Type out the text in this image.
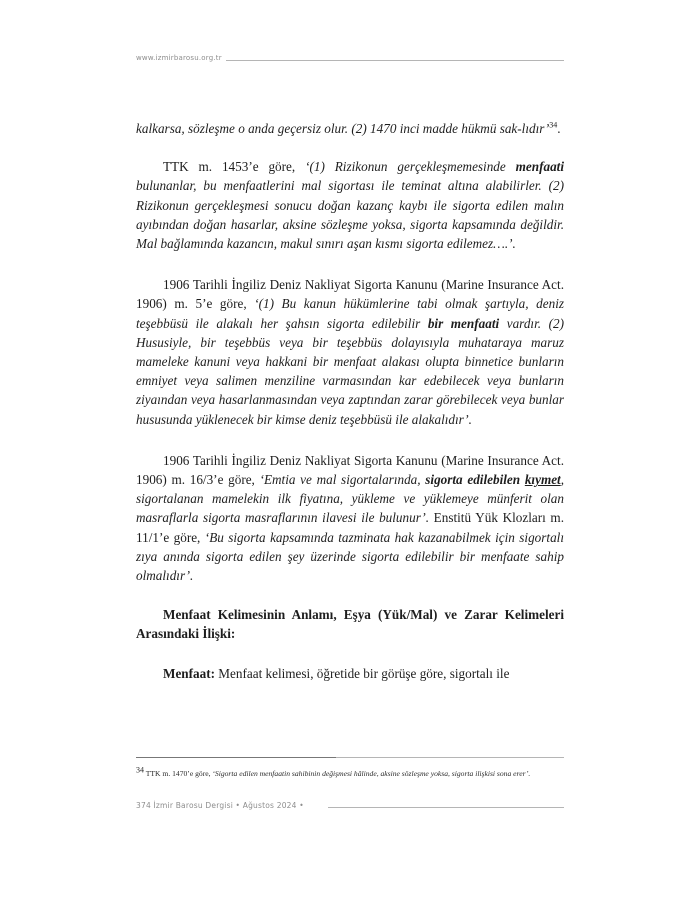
www.izmirbarosu.org.tr

kalkarsa, sözleşme o anda geçersiz olur. (2) 1470 inci madde hükmü sak-lıdır’$^{34}$.

TTK m. 1453’e göre, ‘(1) Rizikonun gerçekleşmemesinde menfaati bulunanlar, bu menfaatlerini mal sigortası ile teminat altına alabilirler. (2) Rizikonun gerçekleşmesi sonucu doğan kazanç kaybı ile sigorta edilen malın ayıbından doğan hasarlar, aksine sözleşme yoksa, sigorta kapsamında değildir. Mal bağlamında kazancın, makul sınırı aşan kısmı sigorta edilemez….’.

1906 Tarihli İngiliz Deniz Nakliyat Sigorta Kanunu (Marine Insurance Act. 1906) m. 5’e göre, ‘(1) Bu kanun hükümlerine tabi olmak şartıyla, deniz teşebbüsü ile alakalı her şahsın sigorta edilebilir bir menfaati vardır. (2) Hususiyle, bir teşebbüs veya bir teşebbüs dolayısıyla muhataraya maruz mameleke kanuni veya hakkani bir menfaat alakası olupta binnetice bunların emniyet veya salimen menziline varmasından kar edebilecek veya bunların ziyaından veya hasarlanmasından veya zaptından zarar görebilecek veya bunlar hususunda yüklenecek bir kimse deniz teşebbüsü ile alakalıdır’.

1906 Tarihli İngiliz Deniz Nakliyat Sigorta Kanunu (Marine Insurance Act. 1906) m. 16/3’e göre, ‘Emtia ve mal sigortalarında, sigorta edilebilen kıymet, sigortalanan mamelekin ilk fiyatına, yükleme ve yüklemeye münferit olan masraflarla sigorta masraflarının ilavesi ile bulunur’. Enstitü Yük Klozları m. 11/1’e göre, ‘Bu sigorta kapsamında tazminata hak kazanabilmek için sigortalı zıya anında sigorta edilen şey üzerinde sigorta edilebilir bir menfaate sahip olmalıdır’.

Menfaat Kelimesinin Anlamı, Eşya (Yük/Mal) ve Zarar Kelimeleri Arasındaki İlişki:

Menfaat: Menfaat kelimesi, öğretide bir görüşe göre, sigortalı ile

$^{34}$ TTK m. 1470’e göre, ‘Sigorta edilen menfaatin sahibinin değişmesi hâlinde, aksine sözleşme yoksa, sigorta ilişkisi sona erer’.
374 İzmir Barosu Dergisi • Ağustos 2024 •
